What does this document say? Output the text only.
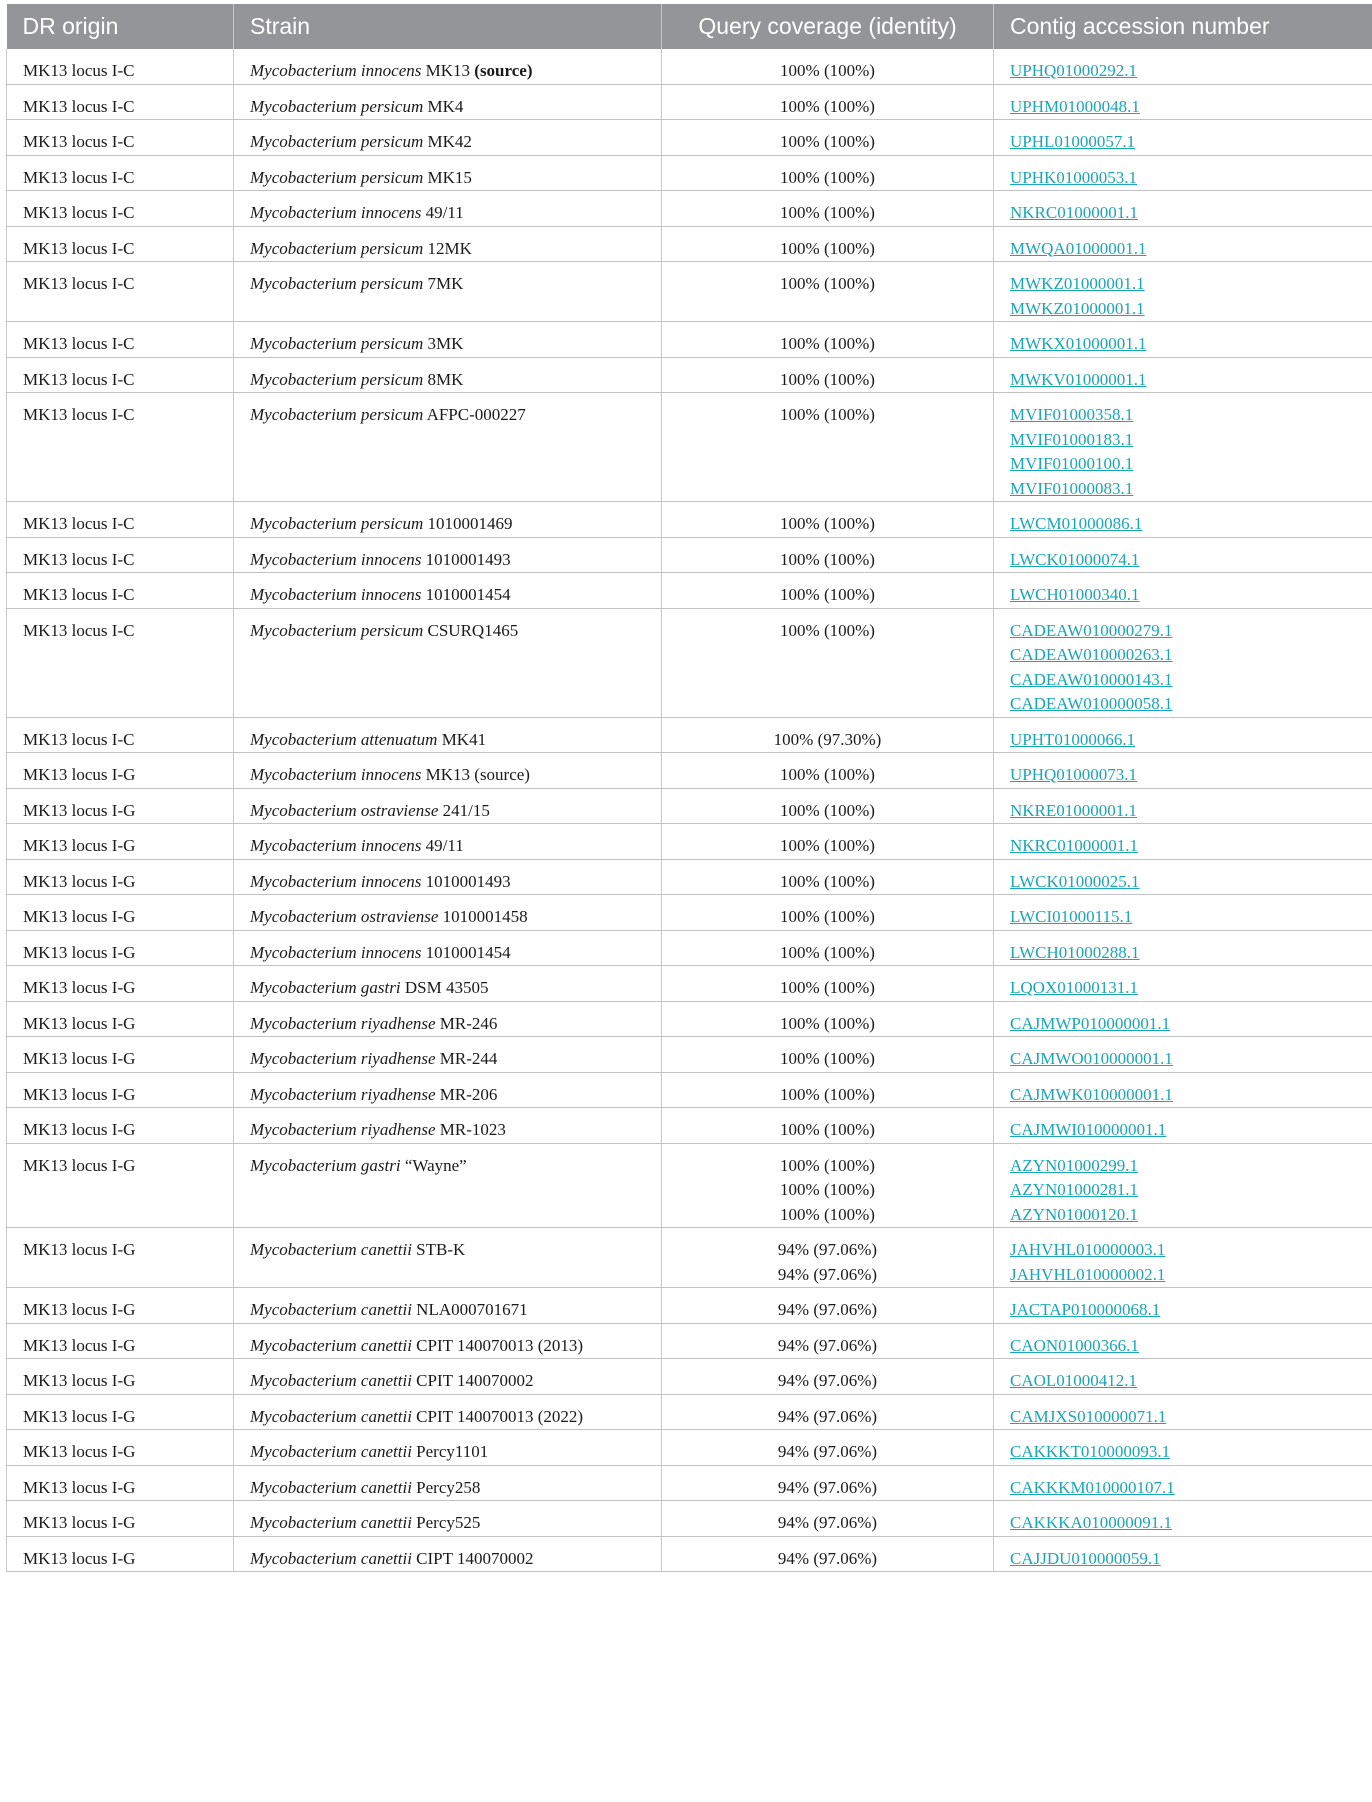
DR origin	Strain	Query coverage (identity)	Contig accession number
MK13 locus I-C	Mycobacterium innocens MK13 (source)	100% (100%)	UPHQ01000292.1

MK13 locus I-C	Mycobacterium persicum MK4	100% (100%)	UPHM01000048.1

MK13 locus I-C	Mycobacterium persicum MK42	100% (100%)	UPHL01000057.1

MK13 locus I-C	Mycobacterium persicum MK15	100% (100%)	UPHK01000053.1

MK13 locus I-C	Mycobacterium innocens 49/11	100% (100%)	NKRC01000001.1

MK13 locus I-C	Mycobacterium persicum 12MK	100% (100%)	MWQA01000001.1

MK13 locus I-C	Mycobacterium persicum 7MK	100% (100%)	MWKZ01000001.1
MWKZ01000001.1

MK13 locus I-C	Mycobacterium persicum 3MK	100% (100%)	MWKX01000001.1

MK13 locus I-C	Mycobacterium persicum 8MK	100% (100%)	MWKV01000001.1

MK13 locus I-C	Mycobacterium persicum AFPC-000227	100% (100%)	MVIF01000358.1
MVIF01000183.1
MVIF01000100.1
MVIF01000083.1

MK13 locus I-C	Mycobacterium persicum 1010001469	100% (100%)	LWCM01000086.1

MK13 locus I-C	Mycobacterium innocens 1010001493	100% (100%)	LWCK01000074.1

MK13 locus I-C	Mycobacterium innocens 1010001454	100% (100%)	LWCH01000340.1

MK13 locus I-C	Mycobacterium persicum CSURQ1465	100% (100%)	CADEAW010000279.1
CADEAW010000263.1
CADEAW010000143.1
CADEAW010000058.1

MK13 locus I-C	Mycobacterium attenuatum MK41	100% (97.30%)	UPHT01000066.1

MK13 locus I-G	Mycobacterium innocens MK13 (source)	100% (100%)	UPHQ01000073.1

MK13 locus I-G	Mycobacterium ostraviense 241/15	100% (100%)	NKRE01000001.1

MK13 locus I-G	Mycobacterium innocens 49/11	100% (100%)	NKRC01000001.1

MK13 locus I-G	Mycobacterium innocens 1010001493	100% (100%)	LWCK01000025.1

MK13 locus I-G	Mycobacterium ostraviense 1010001458	100% (100%)	LWCI01000115.1

MK13 locus I-G	Mycobacterium innocens 1010001454	100% (100%)	LWCH01000288.1

MK13 locus I-G	Mycobacterium gastri DSM 43505	100% (100%)	LQOX01000131.1

MK13 locus I-G	Mycobacterium riyadhense MR-246	100% (100%)	CAJMWP010000001.1

MK13 locus I-G	Mycobacterium riyadhense MR-244	100% (100%)	CAJMWO010000001.1

MK13 locus I-G	Mycobacterium riyadhense MR-206	100% (100%)	CAJMWK010000001.1

MK13 locus I-G	Mycobacterium riyadhense MR-1023	100% (100%)	CAJMWI010000001.1

MK13 locus I-G	Mycobacterium gastri “Wayne”	100% (100%)
100% (100%)
100% (100%)	AZYN01000299.1
AZYN01000281.1
AZYN01000120.1

MK13 locus I-G	Mycobacterium canettii STB-K	94% (97.06%)
94% (97.06%)	JAHVHL010000003.1
JAHVHL010000002.1

MK13 locus I-G	Mycobacterium canettii NLA000701671	94% (97.06%)	JACTAP010000068.1

MK13 locus I-G	Mycobacterium canettii CPIT 140070013 (2013)	94% (97.06%)	CAON01000366.1

MK13 locus I-G	Mycobacterium canettii CPIT 140070002	94% (97.06%)	CAOL01000412.1

MK13 locus I-G	Mycobacterium canettii CPIT 140070013 (2022)	94% (97.06%)	CAMJXS010000071.1

MK13 locus I-G	Mycobacterium canettii Percy1101	94% (97.06%)	CAKKKT010000093.1

MK13 locus I-G	Mycobacterium canettii Percy258	94% (97.06%)	CAKKKM010000107.1

MK13 locus I-G	Mycobacterium canettii Percy525	94% (97.06%)	CAKKKA010000091.1

MK13 locus I-G	Mycobacterium canettii CIPT 140070002	94% (97.06%)	CAJJDU010000059.1
